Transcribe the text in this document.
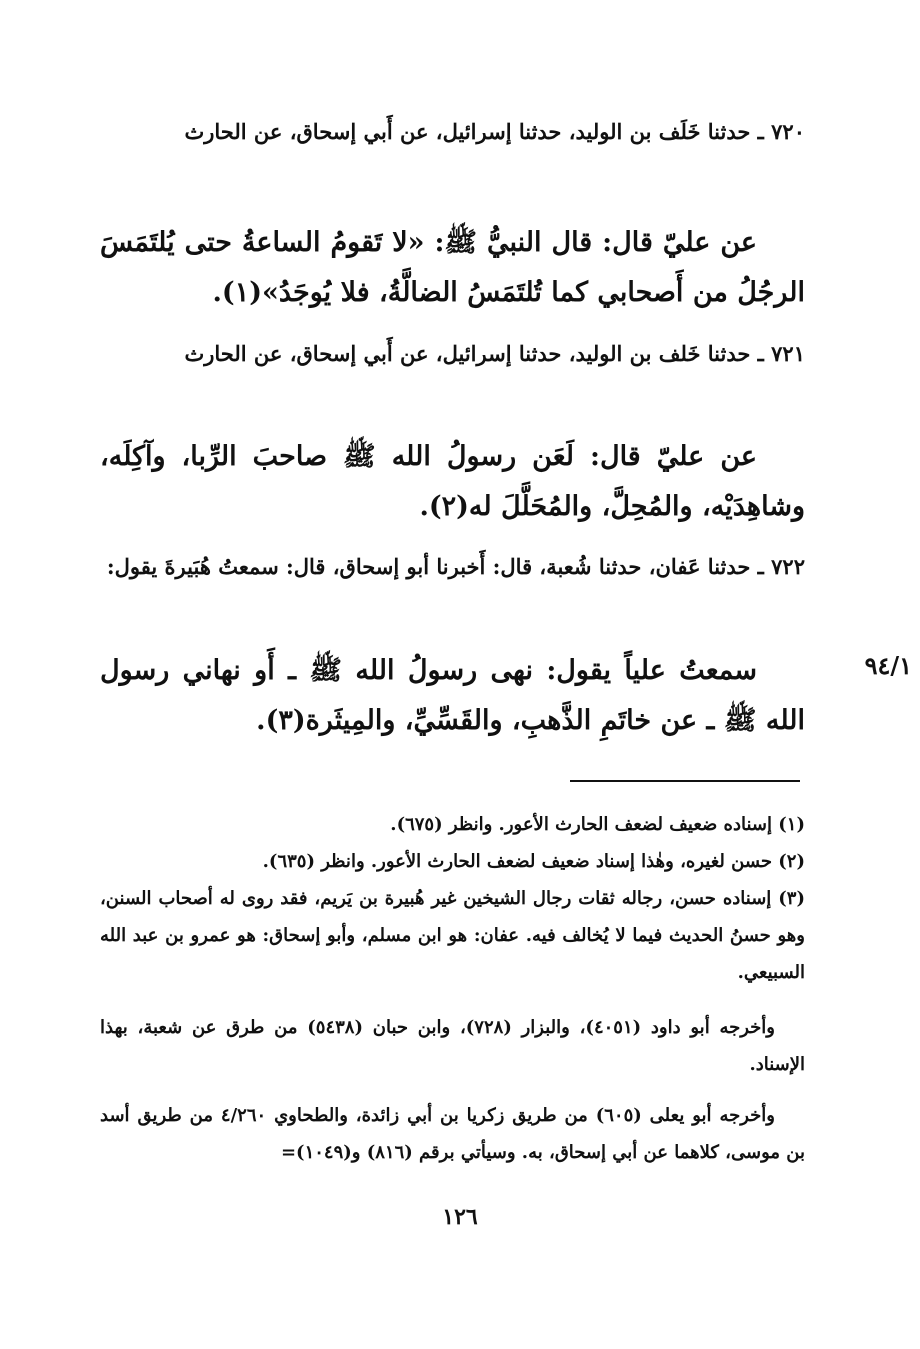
٧٢٠ ـ حدثنا خَلَف بن الوليد، حدثنا إسرائيل، عن أَبي إسحاق، عن الحارث

عن عليّ قال: قال النبيُّ ﷺ: «لا تَقومُ الساعةُ حتى يُلتَمَسَ الرجُلُ من أَصحابي كما تُلتَمَسُ الضالَّةُ، فلا يُوجَدُ»(١).

٧٢١ ـ حدثنا خَلف بن الوليد، حدثنا إسرائيل، عن أَبي إسحاق، عن الحارث

عن عليّ قال: لَعَن رسولُ الله ﷺ صاحبَ الرِّبا، وآكِلَه، وشاهِدَيْه، والمُحِلَّ، والمُحَلَّلَ له(٢).

٧٢٢ ـ حدثنا عَفان، حدثنا شُعبة، قال: أَخبرنا أبو إسحاق، قال: سمعتُ هُبَيرةَ يقول:

٩٤/١

سمعتُ علياً يقول: نهى رسولُ الله ﷺ ـ أَو نهاني رسول الله ﷺ ـ عن خاتَمِ الذَّهبِ، والقَسِّيِّ، والمِيثَرة(٣).

(١) إسناده ضعيف لضعف الحارث الأعور. وانظر (٦٧٥).

(٢) حسن لغيره، وهٰذا إسناد ضعيف لضعف الحارث الأعور. وانظر (٦٣٥).

(٣) إسناده حسن، رجاله ثقات رجال الشيخين غير هُبيرة بن يَريم، فقد روى له أصحاب السنن، وهو حسنُ الحديث فيما لا يُخالف فيه. عفان: هو ابن مسلم، وأبو إسحاق: هو عمرو بن عبد الله السبيعي.

وأخرجه أبو داود (٤٠٥١)، والبزار (٧٢٨)، وابن حبان (٥٤٣٨) من طرق عن شعبة، بهذا الإسناد.

وأخرجه أبو يعلى (٦٠٥) من طريق زكريا بن أبي زائدة، والطحاوي ٤/٢٦٠ من طريق أسد بن موسى، كلاهما عن أبي إسحاق، به. وسيأتي برقم (٨١٦) و(١٠٤٩)=

١٢٦
